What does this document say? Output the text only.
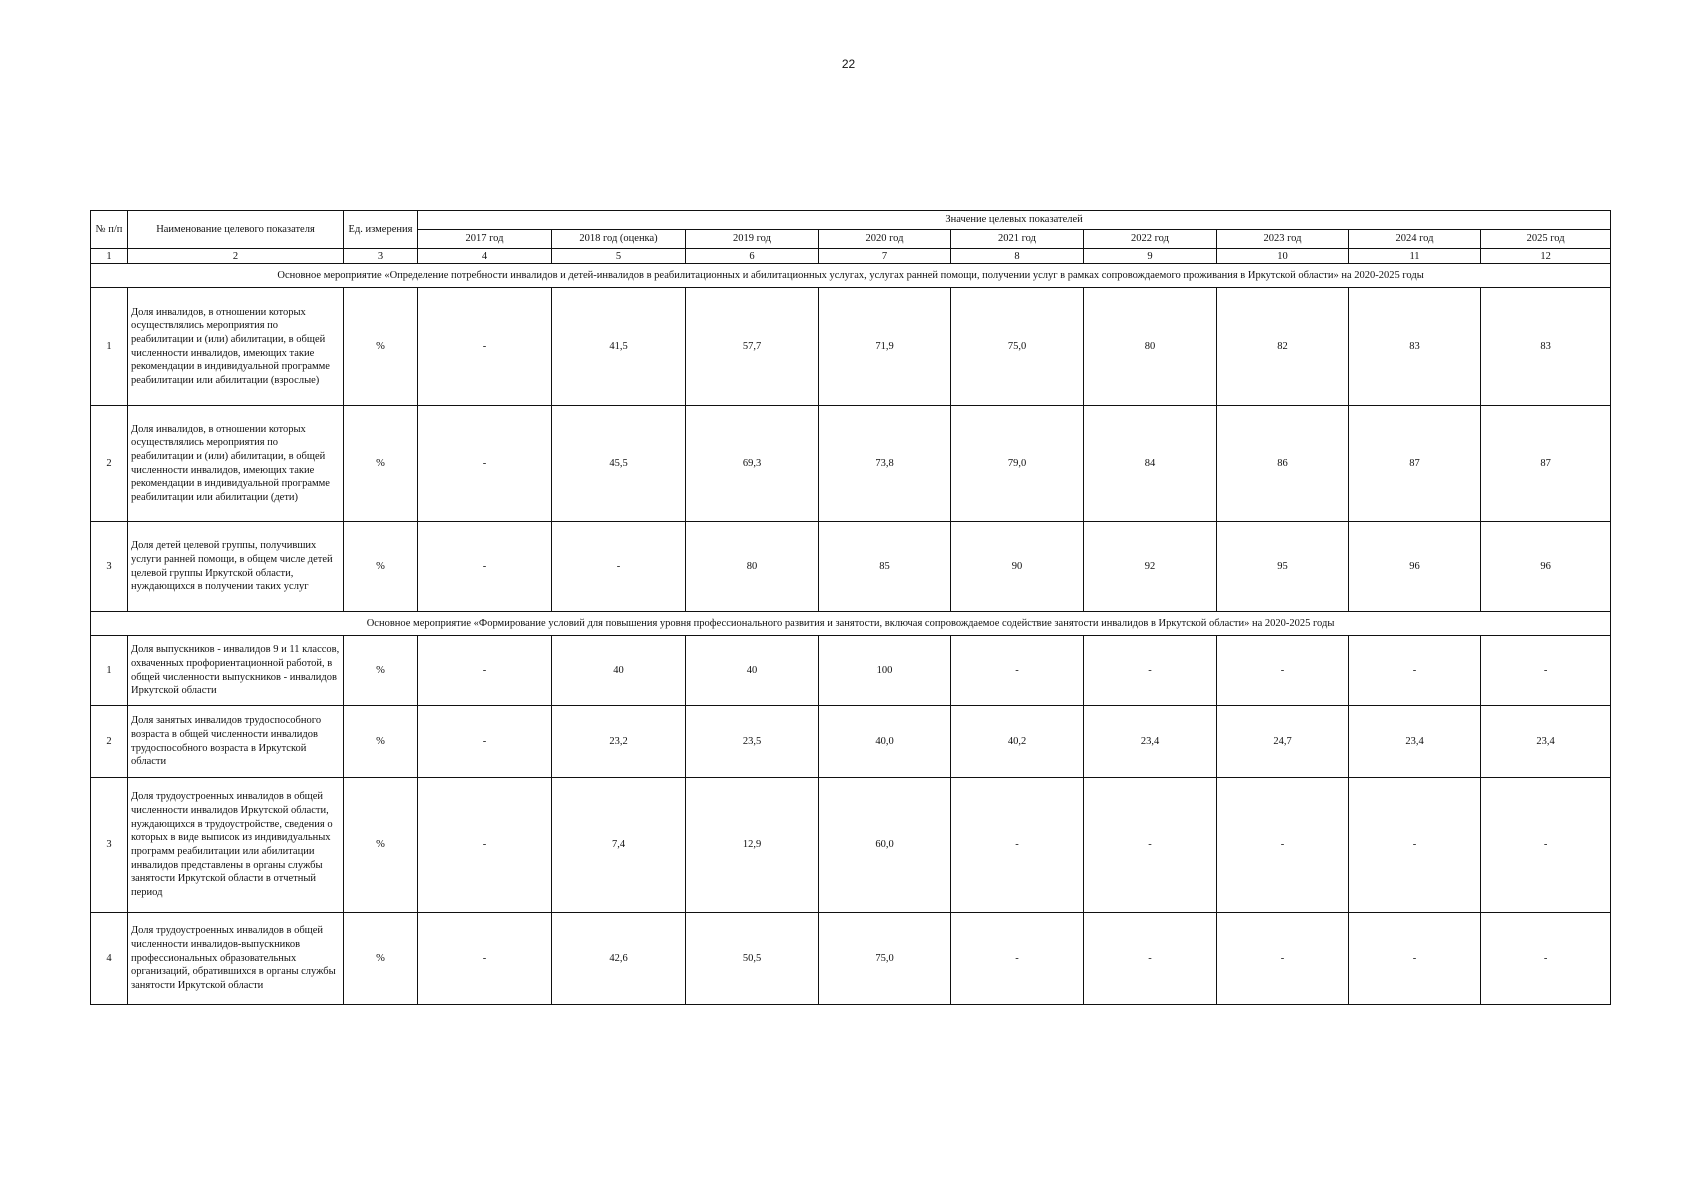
22
№ п/п	Наименование целевого показателя	Ед. измерения	Значение целевых показателей								
			2017 год	2018 год (оценка)	2019 год	2020 год	2021 год	2022 год	2023 год	2024 год	2025 год
1	2	3	4	5	6	7	8	9	10	11	12
Основное мероприятие «Определение потребности инвалидов и детей-инвалидов в реабилитационных и абилитационных услугах, услугах ранней помощи, получении услуг в рамках сопровождаемого проживания в Иркутской области» на 2020-2025 годы											
1	Доля инвалидов, в отношении которых осуществлялись мероприятия по реабилитации и (или) абилитации, в общей численности инвалидов, имеющих такие рекомендации в индивидуальной программе реабилитации или абилитации (взрослые)	%	-	41,5	57,7	71,9	75,0	80	82	83	83
2	Доля инвалидов, в отношении которых осуществлялись мероприятия по реабилитации и (или) абилитации, в общей численности инвалидов, имеющих такие рекомендации в индивидуальной программе реабилитации или абилитации (дети)	%	-	45,5	69,3	73,8	79,0	84	86	87	87
3	Доля детей целевой группы, получивших услуги ранней помощи, в общем числе детей целевой группы Иркутской области, нуждающихся в получении таких услуг	%	-	-	80	85	90	92	95	96	96
Основное мероприятие «Формирование условий для повышения уровня профессионального развития и занятости, включая сопровождаемое содействие занятости инвалидов в Иркутской области» на 2020-2025 годы											
1	Доля выпускников - инвалидов 9 и 11 классов, охваченных профориентационной работой, в общей численности выпускников - инвалидов Иркутской области	%	-	40	40	100	-	-	-	-	-
2	Доля занятых инвалидов трудоспособного возраста в общей численности инвалидов трудоспособного возраста в Иркутской области	%	-	23,2	23,5	40,0	40,2	23,4	24,7	23,4	23,4
3	Доля трудоустроенных инвалидов в общей численности инвалидов Иркутской области, нуждающихся в трудоустройстве, сведения о которых в виде выписок из индивидуальных программ реабилитации или абилитации инвалидов представлены в органы службы занятости Иркутской области в отчетный период	%	-	7,4	12,9	60,0	-	-	-	-	-
4	Доля трудоустроенных инвалидов в общей численности инвалидов-выпускников профессиональных образовательных организаций, обратившихся в органы службы занятости Иркутской области	%	-	42,6	50,5	75,0	-	-	-	-	-
